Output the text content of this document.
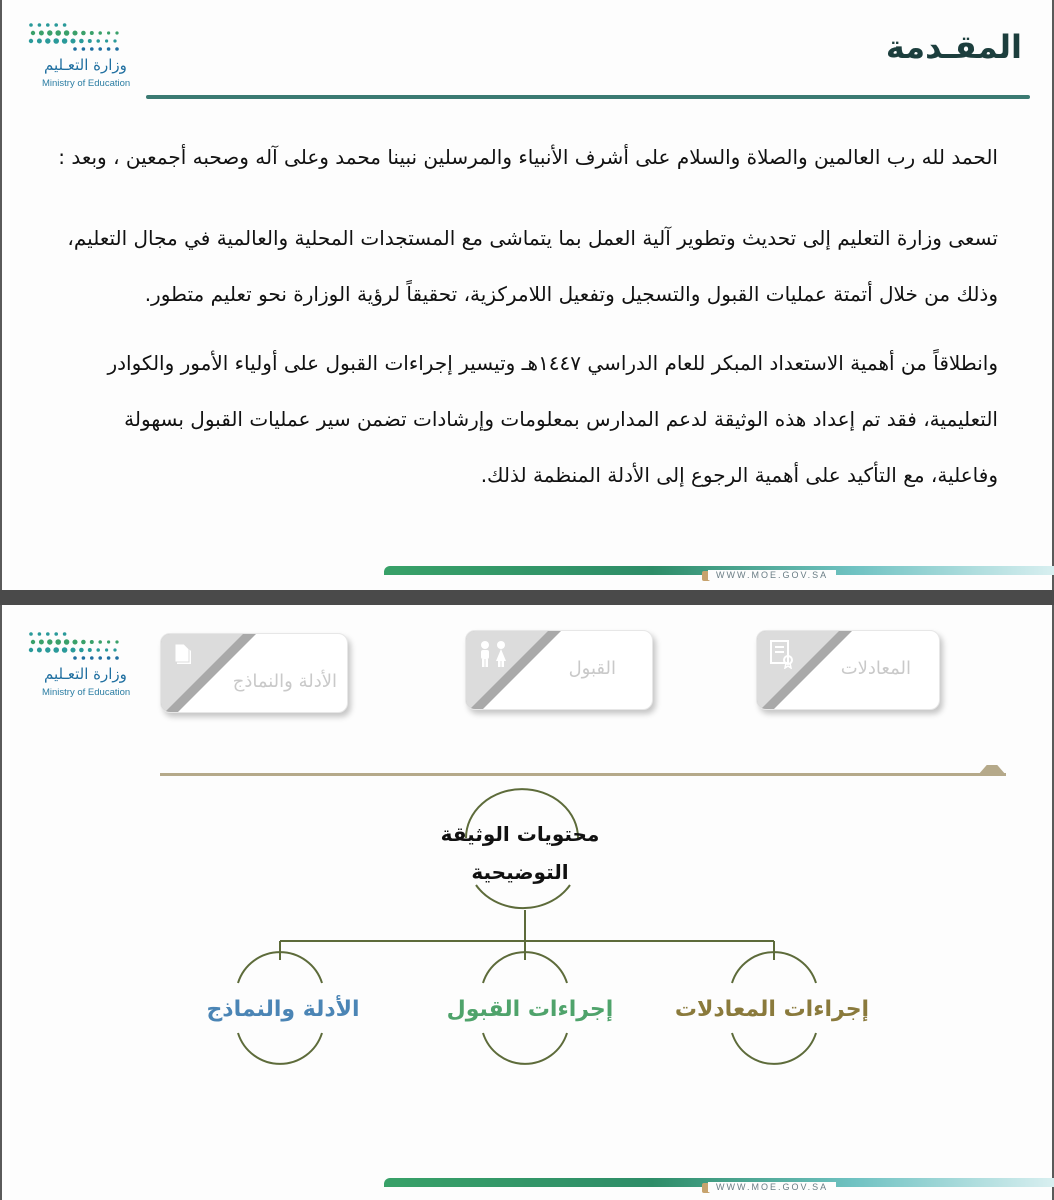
وزارة التعـليم
Ministry of Education
المقـدمة
الحمد لله رب العالمين والصلاة والسلام على أشرف الأنبياء والمرسلين نبينا محمد وعلى آله وصحبه أجمعين ، وبعد :
تسعى وزارة التعليم إلى تحديث وتطوير آلية العمل بما يتماشى مع المستجدات المحلية والعالمية في مجال التعليم،
وذلك من خلال أتمتة عمليات القبول والتسجيل وتفعيل اللامركزية، تحقيقاً لرؤية الوزارة نحو تعليم متطور.
وانطلاقاً من أهمية الاستعداد المبكر للعام الدراسي ١٤٤٧هـ وتيسير إجراءات القبول على أولياء الأمور والكوادر
التعليمية، فقد تم إعداد هذه الوثيقة لدعم المدارس بمعلومات وإرشادات تضمن سير عمليات القبول بسهولة
وفاعلية، مع التأكيد على أهمية الرجوع إلى الأدلة المنظمة لذلك.
WWW.MOE.GOV.SA
وزارة التعـليم
Ministry of Education
المعادلات
القبول
الأدلة والنماذج
محتويات الوثيقة
التوضيحية
إجراءات المعادلات
إجراءات القبول
الأدلة والنماذج
WWW.MOE.GOV.SA
